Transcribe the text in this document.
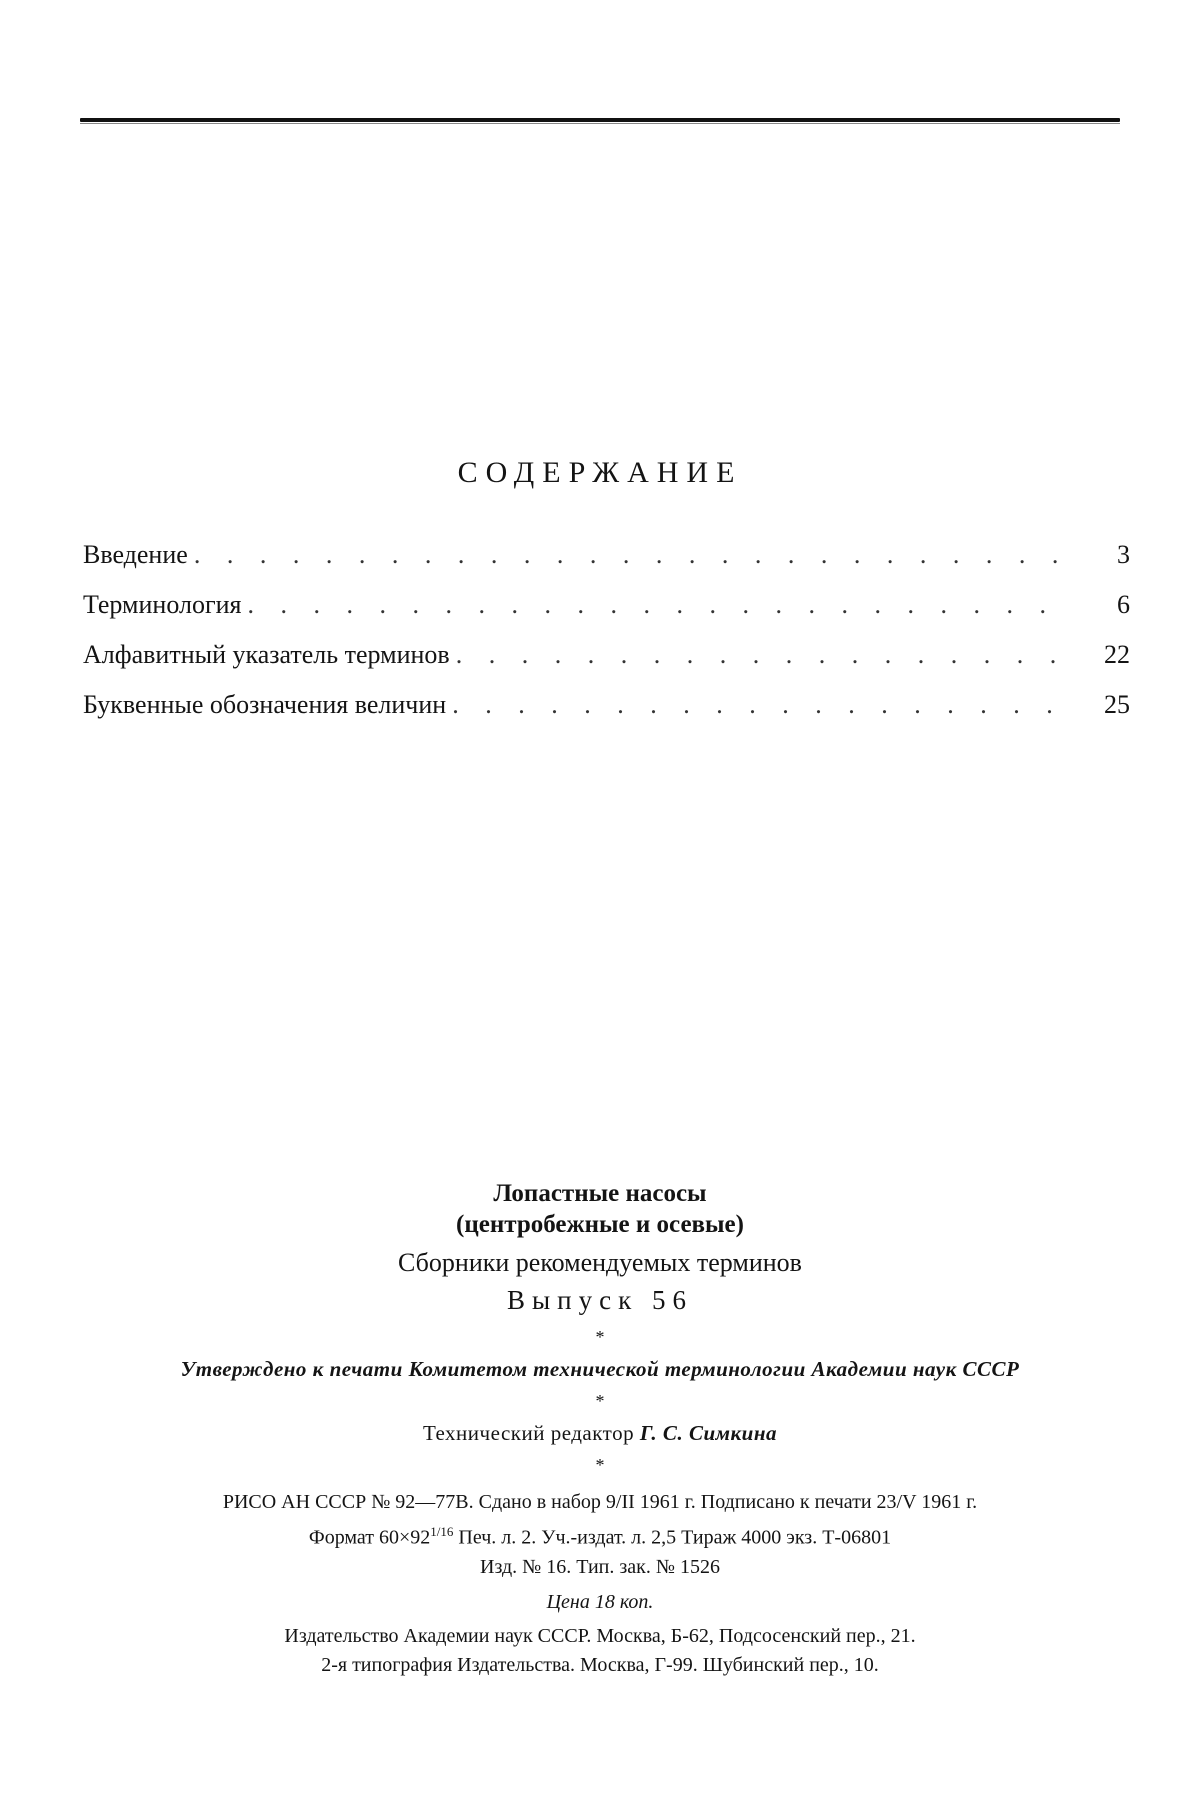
СОДЕРЖАНИЕ
Введение . . .	3
Терминология . . .	6
Алфавитный указатель терминов . . .	22
Буквенные обозначения величин . . .	25
Лопастные насосы
(центробежные и осевые)
Сборники рекомендуемых терминов
Выпуск 56
*
Утверждено к печати Комитетом технической терминологии Академии наук СССР
*
Технический редактор Г. С. Симкина
*
РИСО АН СССР № 92—77В. Сдано в набор 9/II 1961 г. Подписано к печати 23/V 1961 г.
Формат $60\times 92^{1/16}$ Печ. л. 2. Уч.-издат. л. 2,5 Тираж 4000 экз. Т-06801
Изд. № 16. Тип. зак. № 1526
Цена 18 коп.
Издательство Академии наук СССР. Москва, Б-62, Подсосенский пер., 21.
2-я типография Издательства. Москва, Г-99. Шубинский пер., 10.
